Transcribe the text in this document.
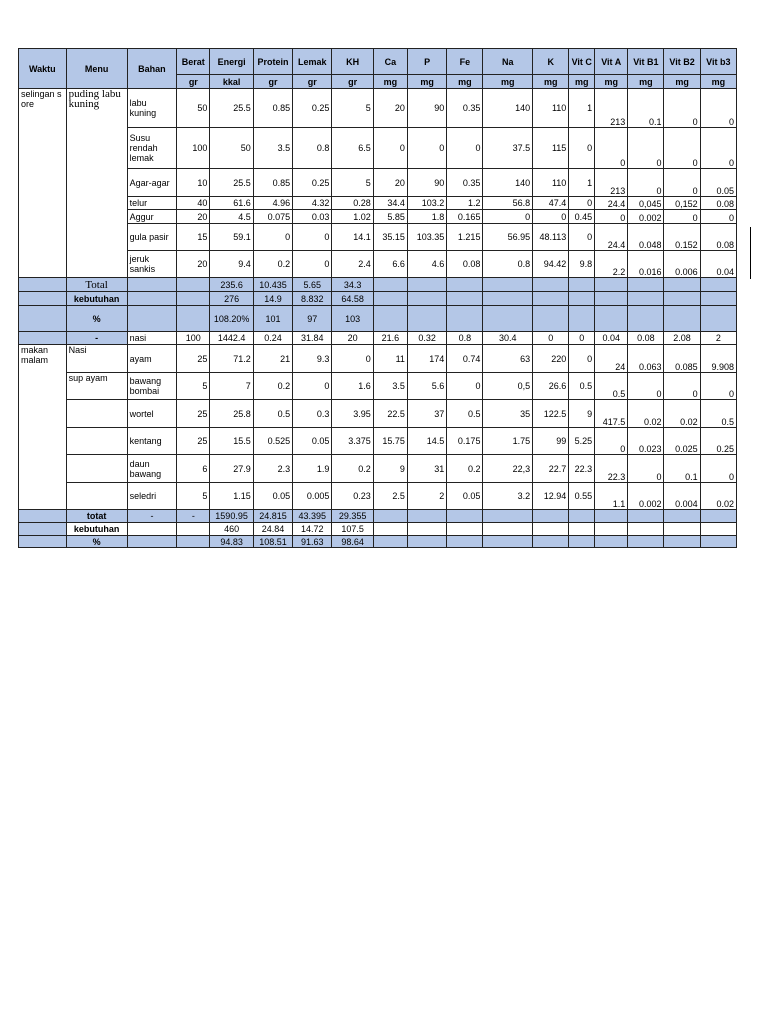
Waktu	Menu	Bahan	Berat	Energi	Protein	Lemak	KH	Ca	P	Fe	Na	K	Vit C	Vit A	Vit B1	Vit B2	Vit b3
			gr	kkal	gr	gr	gr	mg	mg	mg	mg	mg	mg	mg	mg	mg	mg
selingan sore	puding labu kuning	labu kuning	50	25.5	0.85	0.25	5	20	90	0.35	140	110	1	213	0.1	0	0
		Susu rendah lemak	100	50	3.5	0.8	6.5	0	0	0	37.5	115	0	0	0	0	0
		Agar-agar	10	25.5	0.85	0.25	5	20	90	0.35	140	110	1	213	0	0	0.05
		telur	40	61.6	4.96	4.32	0.28	34.4	103.2	1.2	56.8	47.4	0	24.4	0,045	0,152	0.08
		Aggur	20	4.5	0.075	0.03	1.02	5.85	1.8	0.165	0	0	0.45	0	0.002	0	0
		gula pasir	15	59.1	0	0	14.1	35.15	103.35	1.215	56.95	48.113	0	24.4	0.048	0.152	0.08
		jeruk sankis	20	9.4	0.2	0	2.4	6.6	4.6	0.08	0.8	94.42	9.8	2.2	0.016	0.006	0.04
	Total			235.6	10.435	5.65	34.3										
	kebutuhan			276	14.9	8.832	64.58										
	%			108.20%	101	97	103										
	-	nasi	100	1442.4	0.24	31.84	20	21.6	0.32	0.8	30.4	0	0	0.04	0.08	2.08	2
makan malam	Nasi	ayam	25	71.2	21	9.3	0	11	174	0.74	63	220	0	24	0.063	0.085	9.908
	sup ayam	bawang bombai	5	7	0.2	0	1.6	3.5	5.6	0	0,5	26.6	0.5	0.5	0	0	0
		wortel	25	25.8	0.5	0.3	3.95	22.5	37	0.5	35	122.5	9	417.5	0.02	0.02	0.5
		kentang	25	15.5	0.525	0.05	3.375	15.75	14.5	0.175	1.75	99	5.25	0	0.023	0.025	0.25
		daun bawang	6	27.9	2.3	1.9	0.2	9	31	0.2	22,3	22.7	22.3	22.3	0	0.1	0
		seledri	5	1.15	0.05	0.005	0.23	2.5	2	0.05	3.2	12.94	0.55	1.1	0.002	0.004	0.02
	totat	-	-	1590.95	24.815	43.395	29.355										
	kebutuhan			460	24.84	14.72	107.5										
	%			94.83	108.51	91.63	98.64										
